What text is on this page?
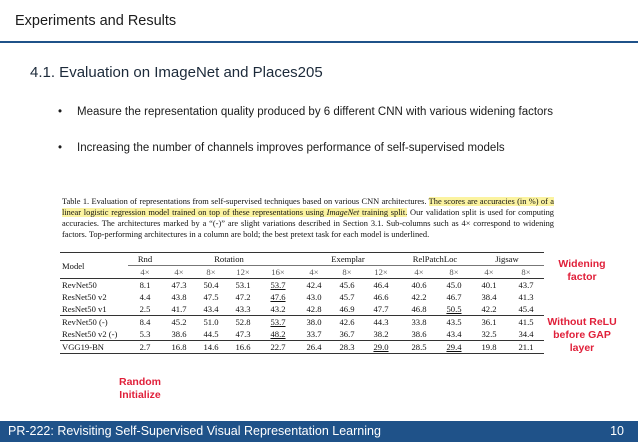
Experiments and Results
4.1. Evaluation on ImageNet and Places205
• Measure the representation quality produced by 6 different CNN with various widening factors
• Increasing the number of channels improves performance of self-supervised models
Table 1. Evaluation of representations from self-supervised techniques based on various CNN architectures. The scores are accuracies (in %) of a linear logistic regression model trained on top of these representations using ImageNet training split. Our validation split is used for computing accuracies. The architectures marked by a “(-)” are slight variations described in Section 3.1. Sub-columns such as 4× correspond to widening factors. Top-performing architectures in a column are bold; the best pretext task for each model is underlined.
Model	Rnd	Rotation				Exemplar			RelPatchLoc		Jigsaw	
	4×	4×	8×	12×	16×	4×	8×	12×	4×	8×	4×	8×
RevNet50	8.1	47.3	50.4	53.1	53.7	42.4	45.6	46.4	40.6	45.0	40.1	43.7
ResNet50 v2	4.4	43.8	47.5	47.2	47.6	43.0	45.7	46.6	42.2	46.7	38.4	41.3
ResNet50 v1	2.5	41.7	43.4	43.3	43.2	42.8	46.9	47.7	46.8	50.5	42.2	45.4
RevNet50 (-)	8.4	45.2	51.0	52.8	53.7	38.0	42.6	44.3	33.8	43.5	36.1	41.5
ResNet50 v2 (-)	5.3	38.6	44.5	47.3	48.2	33.7	36.7	38.2	38.6	43.4	32.5	34.4
VGG19-BN	2.7	16.8	14.6	16.6	22.7	26.4	28.3	29.0	28.5	29.4	19.8	21.1
Widening factor
Without ReLU before GAP layer
Random Initialize
PR-222: Revisiting Self-Supervised Visual Representation Learning	10
